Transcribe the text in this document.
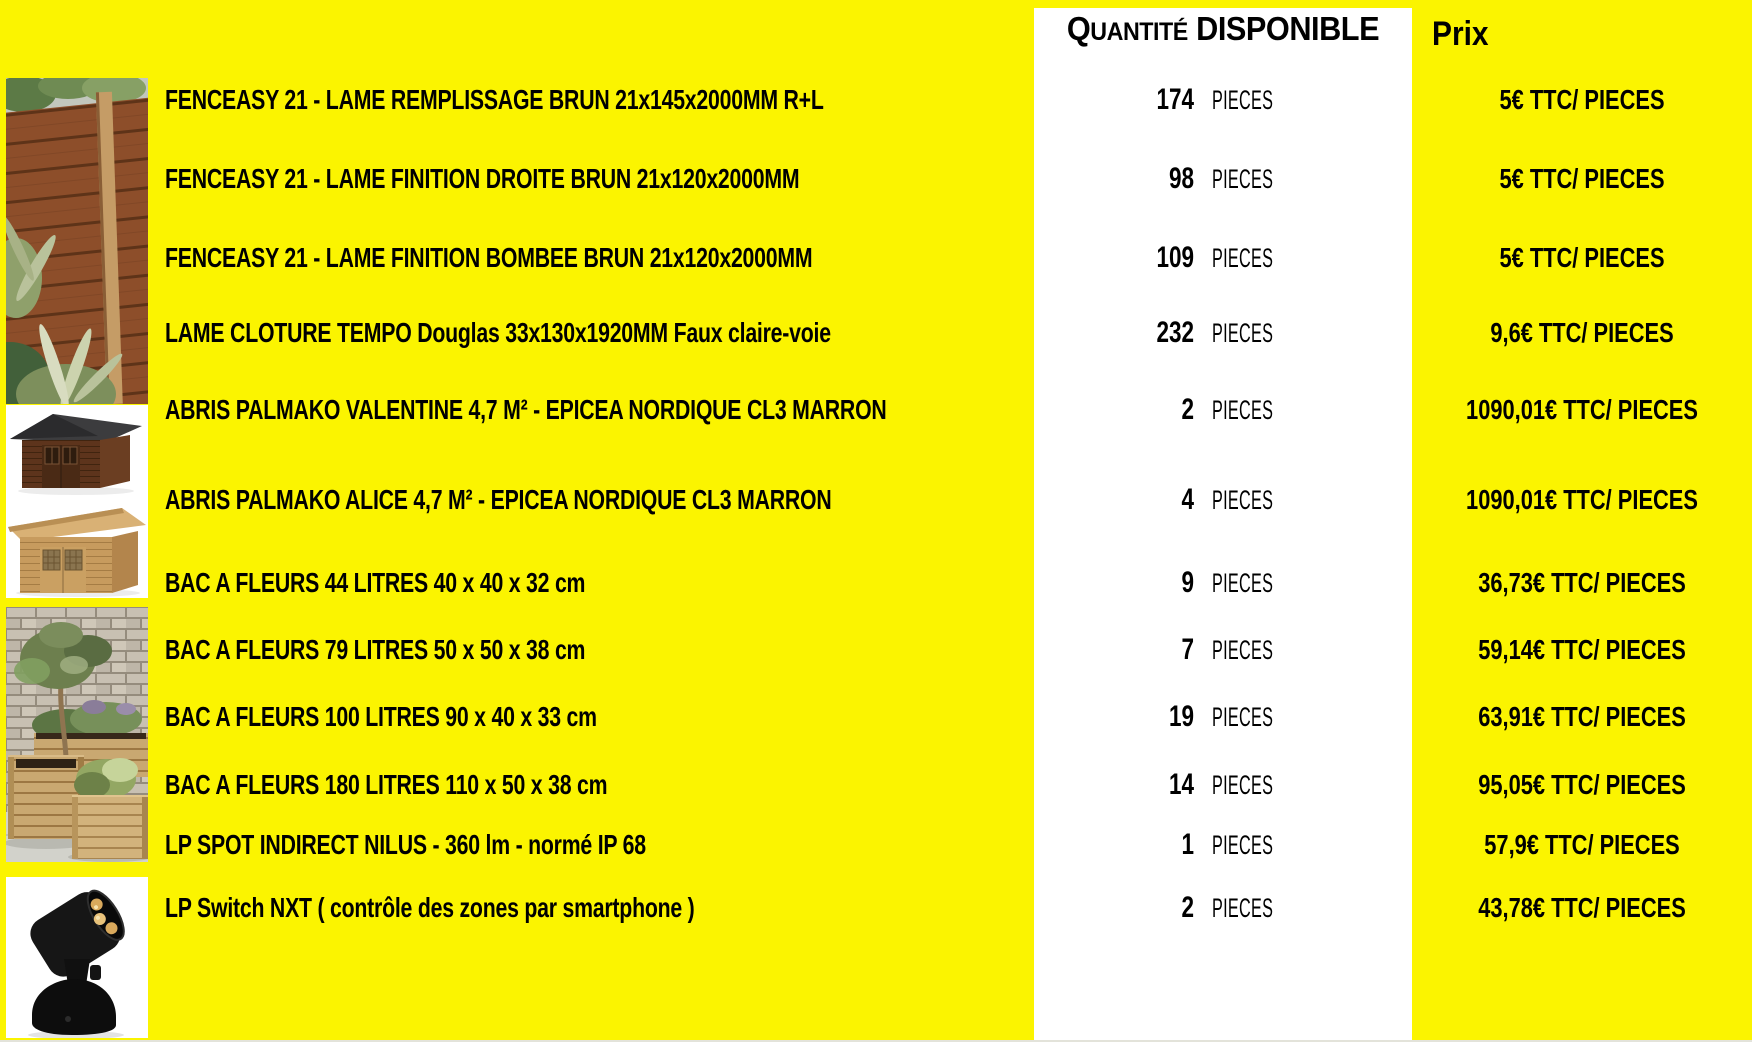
Q UANTITÉ DISPONIBLE Prix
FENCEASY 21 - LAME REMPLISSAGE BRUN 21x145x2000MM R+L	174 PIECES	5€ TTC/ PIECES
FENCEASY 21 - LAME FINITION DROITE BRUN 21x120x2000MM	98 PIECES	5€ TTC/ PIECES
FENCEASY 21 - LAME FINITION BOMBEE BRUN 21x120x2000MM	109 PIECES	5€ TTC/ PIECES
LAME CLOTURE TEMPO Douglas 33x130x1920MM Faux claire-voie	232 PIECES	9,6€ TTC/ PIECES
ABRIS PALMAKO VALENTINE 4,7 M² - EPICEA NORDIQUE CL3 MARRON	2 PIECES	1090,01€ TTC/ PIECES
ABRIS PALMAKO ALICE 4,7 M² - EPICEA NORDIQUE CL3 MARRON	4 PIECES	1090,01€ TTC/ PIECES
BAC A FLEURS 44 LITRES 40 x 40 x 32 cm	9 PIECES	36,73€ TTC/ PIECES
BAC A FLEURS 79 LITRES 50 x 50 x 38 cm	7 PIECES	59,14€ TTC/ PIECES
BAC A FLEURS 100 LITRES 90 x 40 x 33 cm	19 PIECES	63,91€ TTC/ PIECES
BAC A FLEURS 180 LITRES 110 x 50 x 38 cm	14 PIECES	95,05€ TTC/ PIECES
LP SPOT INDIRECT NILUS - 360 lm - normé IP 68	1 PIECES	57,9€ TTC/ PIECES
LP Switch NXT ( contrôle des zones par smartphone )	2 PIECES	43,78€ TTC/ PIECES
